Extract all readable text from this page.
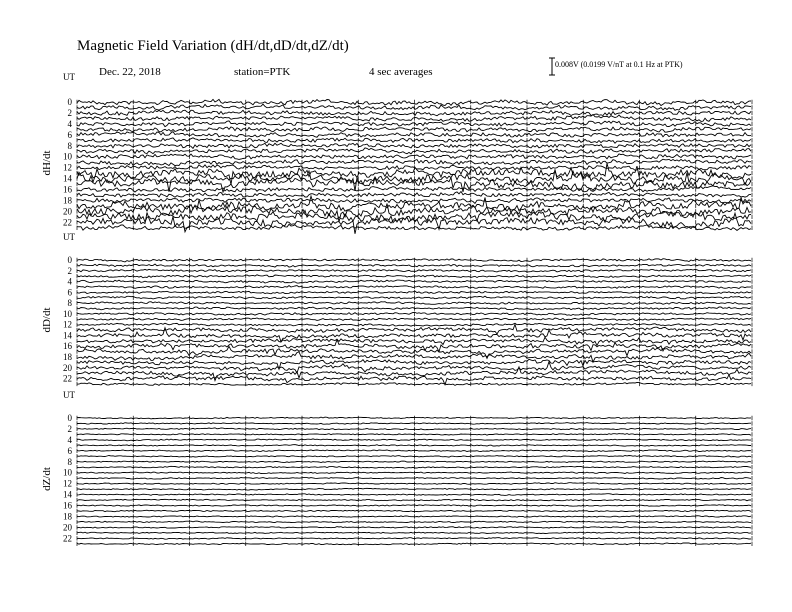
Magnetic Field Variation (dH/dt,dD/dt,dZ/dt)
Dec. 22, 2018	station=PTK	4 sec averages
0.008V (0.0199 V/nT at 0.1 Hz at PTK)
UT
dH/dt
0
2
4
6
8
10
12
14
16
18
20
22
UT
dD/dt
0
2
4
6
8
10
12
14
16
18
20
22
UT
dZ/dt
0
2
4
6
8
10
12
14
16
18
20
22
